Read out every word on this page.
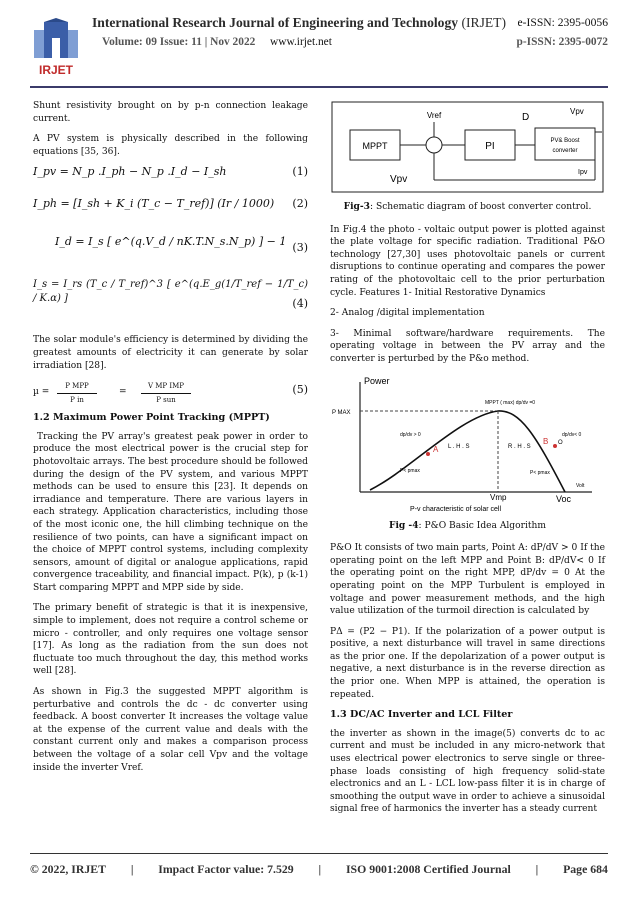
IRJET
International Research Journal of Engineering and Technology (IRJET) e-ISSN: 2395-0056
Volume: 09 Issue: 11 | Nov 2022 www.irjet.net	p-ISSN: 2395-0072

Shunt resistivity brought on by p-n connection leakage current.

A PV system is physically described in the following equations [35, 36].

I_pv = N_p .I_ph − N_p .I_d − I_sh	(1)
I_ph = [I_sh + K_i (T_c − T_ref)] (Ir / 1000) (2)
I_d = I_s [ e^(q.V_d / nK.T.N_s.N_p) ] − 1 (3)
I_s = I_rs (T_c / T_ref)^3 [ e^(q.E_g(1/T_ref − 1/T_c) / K.α) ]	(4)

The solar module's efficiency is determined by dividing the greatest amounts of electricity it can generate by solar irradiation [28].

µ =
P MPP
P in
=
V MP IMP
P sun
(5)
1.2 Maximum Power Point Tracking (MPPT)

Tracking the PV array's greatest peak power in order to produce the most electrical power is the crucial step for photovoltaic arrays. The best procedure should be followed during the design of the PV system, and various MPPT methods can be used to ensure this [23]. It depends on irradiance and temperature. There are various layers in each strategy. Application characteristics, including those of the most iconic one, the hill climbing technique on the resilience of two points, can have a significant impact on the choice of MPPT control systems, including complexity sensors, amount of digital or analogue applications, rapid convergence traceability, and financial impact. P(k), p (k-1) Start comparing MPPT and MPP side by side.

The primary benefit of strategic is that it is inexpensive, simple to implement, does not require a control scheme or micro - controller, and only requires one voltage sensor [17]. As long as the radiation from the sun does not fluctuate too much throughout the day, this method works well [28].

As shown in Fig.3 the suggested MPPT algorithm is perturbative and controls the dc - dc converter using feedback. A boost converter It increases the voltage value at the expense of the current value and deals with the constant current only and makes a comparison process between the voltage of a solar cell Vpv and the voltage inside the inverter Vref.

MPPT	PI	PV& Boost
converter
D
Vref	Vpv
Vpv
Ipv
Fig-3: Schematic diagram of boost converter control.

In Fig.4 the photo - voltaic output power is plotted against the plate voltage for specific radiation. Traditional P&O technology [27,30] uses photovoltaic panels or current disruptions to continue operating and compares the power rating of the photovoltaic cell to the prior perturbation cycle. Features 1- Initial Restorative Dynamics

2- Analog /digital implementation

3- Minimal software/hardware requirements. The operating voltage in between the PV array and the converter is perturbed by the P&o method.

Power
P MAX
MPPT ( max) dp/dv =0
dp/dv > 0	dp/dv< 0
L . H . S	R . H . S
A
B O
P< pmax	P< pmax
Vmp	Voc
Volt
P-v characteristic of solar cell
Fig -4: P&O Basic Idea Algorithm

P&O It consists of two main parts, Point A: dP/dV > 0 If the operating point on the left MPP and Point B: dP/dV< 0 If the operating point on the right MPP, dP/dv = 0 At the operating point on the MPP Turbulent is employed in voltage and power measurement methods, and the high value utilization of the turmoil direction is calculated by

PΔ = (P2 − P1). If the polarization of a power output is positive, a next disturbance will travel in same directions as the prior one. If the depolarization of a power output is negative, a next disturbance is in the reverse direction as the prior one. When MPP is attained, the operation is repeated.

1.3 DC/AC Inverter and LCL Filter

the inverter as shown in the image(5) converts dc to ac current and must be included in any micro-network that uses electrical power electronics to serve single or three-phase loads consisting of high frequency solid-state electronics and an L - LCL low-pass filter it is in charge of smoothing the output wave in order to achieve a sinusoidal signal free of harmonics the inverter has a steady current

© 2022, IRJET | Impact Factor value: 7.529 | ISO 9001:2008 Certified Journal | Page 684
